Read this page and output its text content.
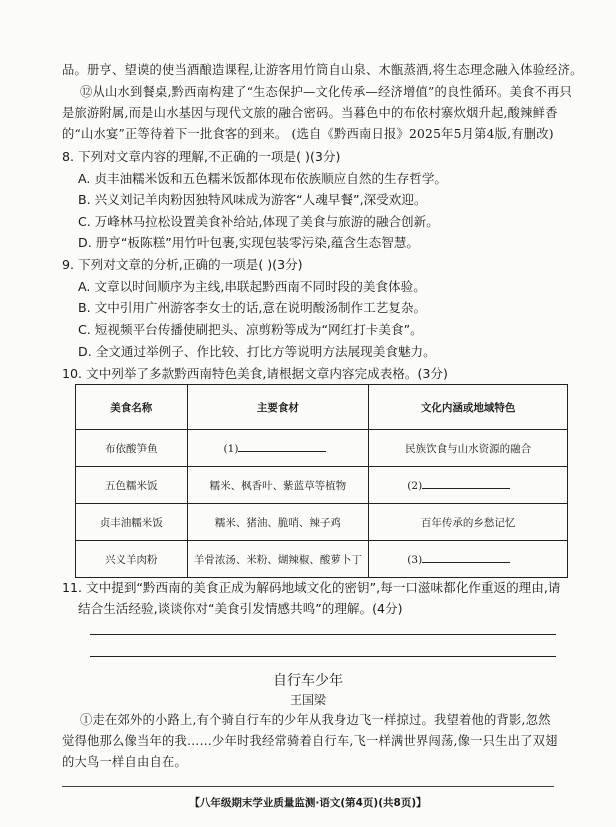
品。册亨、望谟的使当酒酿造课程,让游客用竹筒自山泉、木甑蒸酒,将生态理念融入体验经济。
⑫从山水到餐桌,黔西南构建了“生态保护—文化传承—经济增值”的良性循环。美食不再只
是旅游附属,而是山水基因与现代文旅的融合密码。当暮色中的布依村寨炊烟升起,酸辣鲜香
的“山水宴”正等待着下一批食客的到来。 (选自《黔西南日报》2025年5月第4版,有删改)
8. 下列对文章内容的理解,不正确的一项是( )(3分)
A. 贞丰油糯米饭和五色糯米饭都体现布依族顺应自然的生存哲学。
B. 兴义刘记羊肉粉因独特风味成为游客“人魂早餐”,深受欢迎。
C. 万峰林马拉松设置美食补给站,体现了美食与旅游的融合创新。
D. 册亨“板陈糕”用竹叶包裹,实现包装零污染,蕴含生态智慧。
9. 下列对文章的分析,正确的一项是( )(3分)
A. 文章以时间顺序为主线,串联起黔西南不同时段的美食体验。
B. 文中引用广州游客李女士的话,意在说明酸汤制作工艺复杂。
C. 短视频平台传播使刷把头、凉剪粉等成为“网红打卡美食”。
D. 全文通过举例子、作比较、打比方等说明方法展现美食魅力。
10. 文中列举了多款黔西南特色美食,请根据文章内容完成表格。(3分)
美食名称	主要食材	文化内涵或地域特色
布依酸笋鱼	(1)	民族饮食与山水资源的融合
五色糯米饭	糯米、枫香叶、紫蓝草等植物	(2)
贞丰油糯米饭	糯米、猪油、脆哨、辣子鸡	百年传承的乡愁记忆
兴义羊肉粉	羊骨浓汤、米粉、煳辣椒、酸萝卜丁	(3)
11. 文中提到“黔西南的美食正成为解码地域文化的密钥”,每一口滋味都化作重返的理由,请
结合生活经验,谈谈你对“美食引发情感共鸣”的理解。(4分)
自行车少年
王国梁
①走在郊外的小路上,有个骑自行车的少年从我身边飞一样掠过。我望着他的背影,忽然
觉得他那么像当年的我……少年时我经常骑着自行车,飞一样满世界闯荡,像一只生出了双翅
的大鸟一样自由自在。
【八年级期末学业质量监测·语文(第4页)(共8页)】
